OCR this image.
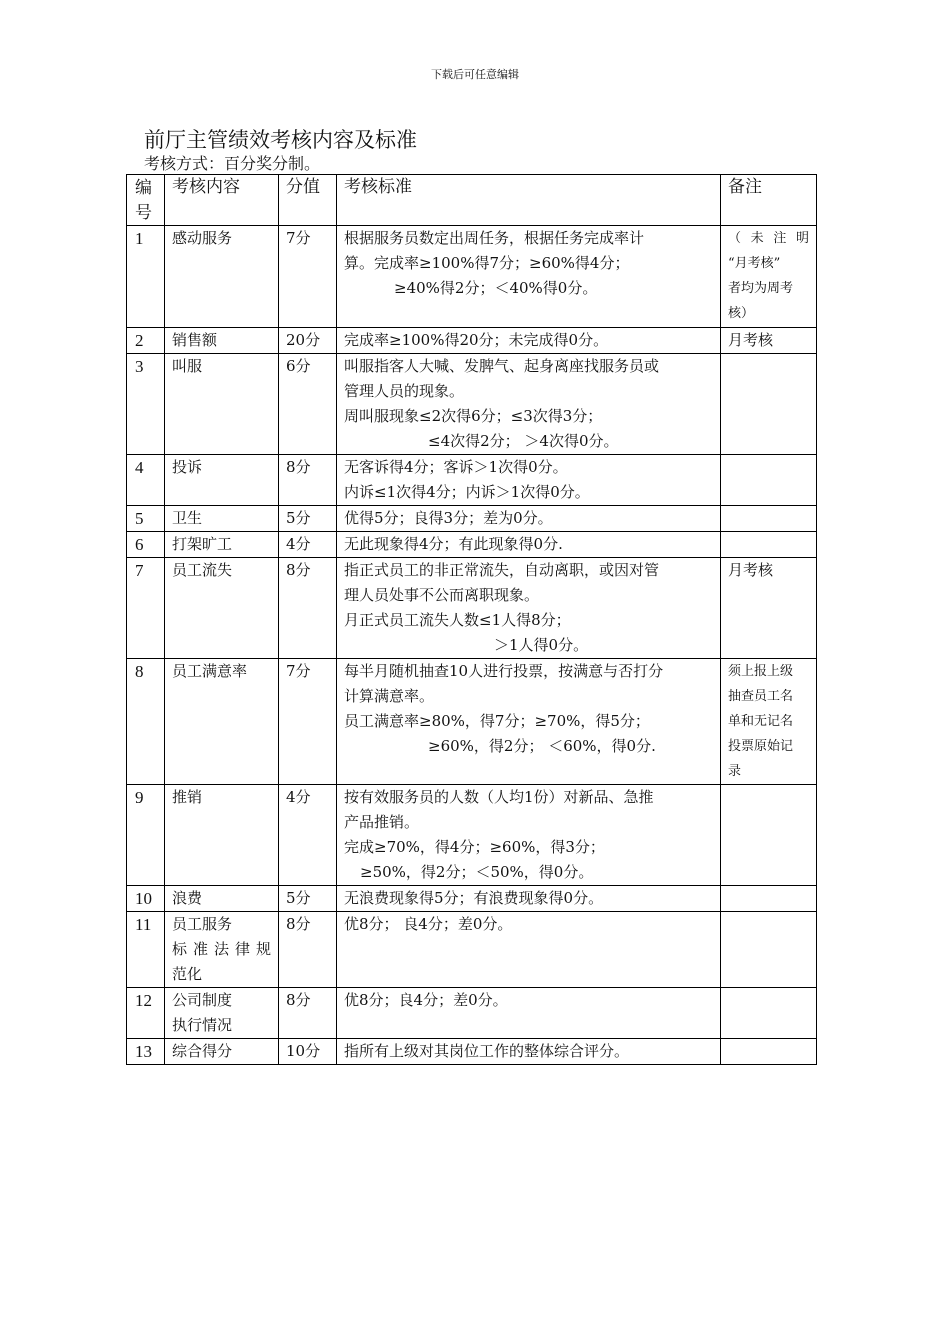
下载后可任意编辑
前厅主管绩效考核内容及标准
考核方式：百分奖分制。
编号	考核内容	分值	考核标准	备注
1	感动服务	7分	根据服务员数定出周任务，根据任务完成率计
算。完成率≥100%得7分；≥60%得4分；
≥40%得2分；＜40%得0分。	（未注明
“月考核”
者均为周考
核）

2	销售额	20分	完成率≥100%得20分；未完成得0分。	月考核

3	叫服	6分	叫服指客人大喊、发脾气、起身离座找服务员或
管理人员的现象。
周叫服现象≤2次得6分；≤3次得3分；
≤4次得2分； ＞4次得0分。	

4	投诉	8分	无客诉得4分；客诉＞1次得0分。
内诉≤1次得4分；内诉＞1次得0分。	

5	卫生	5分	优得5分；良得3分；差为0分。	

6	打架旷工	4分	无此现象得4分；有此现象得0分.	

7	员工流失	8分	指正式员工的非正常流失，自动离职，或因对管
理人员处事不公而离职现象。
月正式员工流失人数≤1人得8分；
＞1人得0分。	月考核

8	员工满意率	7分	每半月随机抽查10人进行投票，按满意与否打分
计算满意率。
员工满意率≥80%，得7分；≥70%，得5分；
≥60%，得2分； ＜60%，得0分.	须上报上级
抽查员工名
单和无记名
投票原始记
录

9	推销	4分	按有效服务员的人数（人均1份）对新品、急推
产品推销。
完成≥70%，得4分；≥60%，得3分；
≥50%，得2分；＜50%，得0分。	

10	浪费	5分	无浪费现象得5分；有浪费现象得0分。	

11	员工服务
标准法律规
范化	8分	优8分； 良4分；差0分。	

12	公司制度
执行情况	8分	优8分；良4分；差0分。	

13	综合得分	10分	指所有上级对其岗位工作的整体综合评分。	
